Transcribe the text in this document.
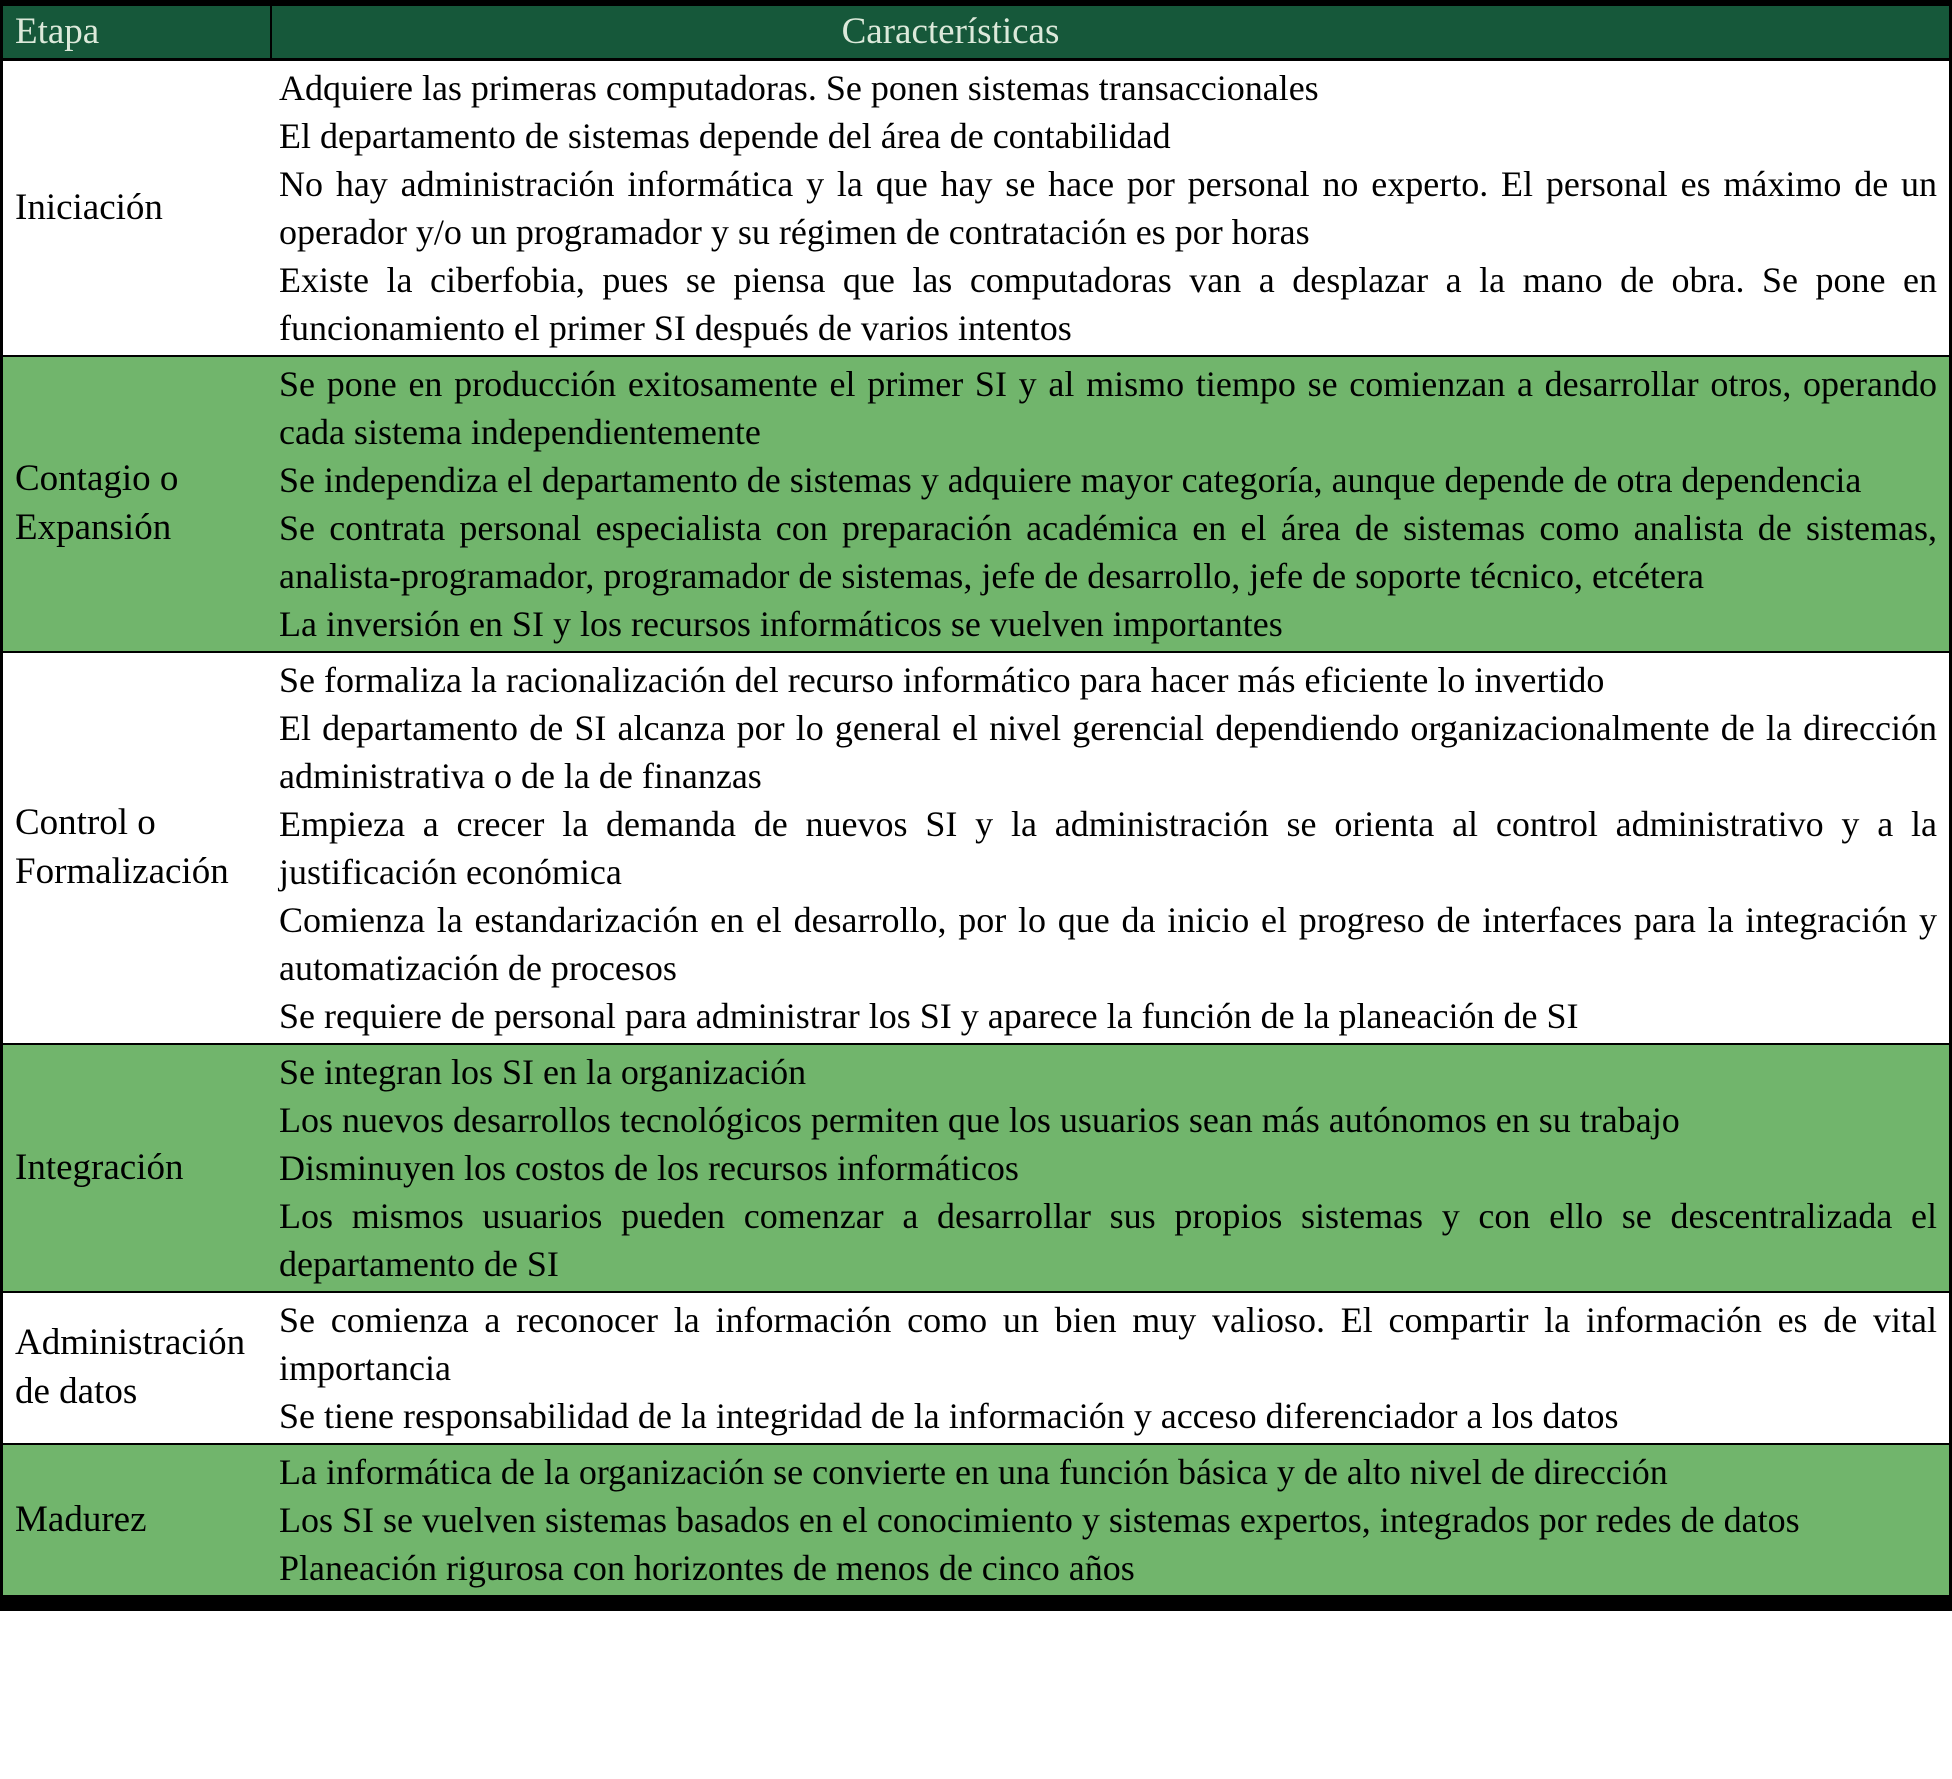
Etapa	Características
Iniciación	Adquiere las primeras computadoras. Se ponen sistemas transaccionales

El departamento de sistemas depende del área de contabilidad

No hay administración informática y la que hay se hace por personal no experto. El personal es máximo de un operador y/o un programador y su régimen de contratación es por horas

Existe la ciberfobia, pues se piensa que las computadoras van a desplazar a la mano de obra. Se pone en funcionamiento el primer SI después de varios intentos

Contagio o Expansión	Se pone en producción exitosamente el primer SI y al mismo tiempo se comienzan a desarrollar otros, operando cada sistema independientemente

Se independiza el departamento de sistemas y adquiere mayor categoría, aunque depende de otra dependencia

Se contrata personal especialista con preparación académica en el área de sistemas como analista de sistemas, analista-programador, programador de sistemas, jefe de desarrollo, jefe de soporte técnico, etcétera

La inversión en SI y los recursos informáticos se vuelven importantes

Control o Formalización	Se formaliza la racionalización del recurso informático para hacer más eficiente lo invertido

El departamento de SI alcanza por lo general el nivel gerencial dependiendo organizacionalmente de la dirección administrativa o de la de finanzas

Empieza a crecer la demanda de nuevos SI y la administración se orienta al control administrativo y a la justificación económica

Comienza la estandarización en el desarrollo, por lo que da inicio el progreso de interfaces para la integración y automatización de procesos

Se requiere de personal para administrar los SI y aparece la función de la planeación de SI

Integración	Se integran los SI en la organización

Los nuevos desarrollos tecnológicos permiten que los usuarios sean más autónomos en su trabajo

Disminuyen los costos de los recursos informáticos

Los mismos usuarios pueden comenzar a desarrollar sus propios sistemas y con ello se descentralizada el departamento de SI

Administración de datos	Se comienza a reconocer la información como un bien muy valioso. El compartir la información es de vital importancia

Se tiene responsabilidad de la integridad de la información y acceso diferenciador a los datos

Madurez	La informática de la organización se convierte en una función básica y de alto nivel de dirección

Los SI se vuelven sistemas basados en el conocimiento y sistemas expertos, integrados por redes de datos

Planeación rigurosa con horizontes de menos de cinco años
